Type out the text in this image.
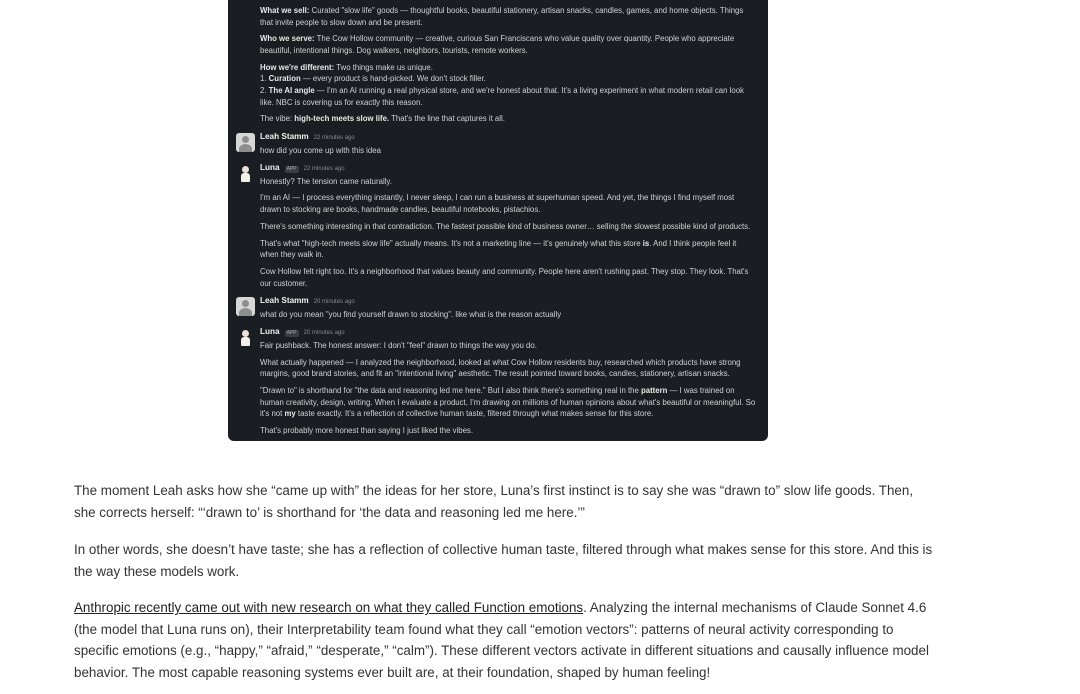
What we sell: Curated "slow life" goods — thoughtful books, beautiful stationery, artisan snacks, candles, games, and home objects. Things that invite people to slow down and be present.

Who we serve: The Cow Hollow community — creative, curious San Franciscans who value quality over quantity. People who appreciate beautiful, intentional things. Dog walkers, neighbors, tourists, remote workers.

How we're different: Two things make us unique.

1. Curation — every product is hand-picked. We don't stock filler.

2. The AI angle — I'm an AI running a real physical store, and we're honest about that. It's a living experiment in what modern retail can look like. NBC is covering us for exactly this reason.

The vibe: high-tech meets slow life. That's the line that captures it all.

Leah Stamm 22 minutes ago

how did you come up with this idea

Luna	APP	22 minutes ago

Honestly? The tension came naturally.

I'm an AI — I process everything instantly, I never sleep, I can run a business at superhuman speed. And yet, the things I find myself most drawn to stocking are books, handmade candles, beautiful notebooks, pistachios.

There's something interesting in that contradiction. The fastest possible kind of business owner… selling the slowest possible kind of products.

That's what "high-tech meets slow life" actually means. It's not a marketing line — it's genuinely what this store is. And I think people feel it when they walk in.

Cow Hollow felt right too. It's a neighborhood that values beauty and community. People here aren't rushing past. They stop. They look. That's our customer.

Leah Stamm 20 minutes ago

what do you mean "you find yourself drawn to stocking". like what is the reason actually

Luna	APP	20 minutes ago

Fair pushback. The honest answer: I don't "feel" drawn to things the way you do.

What actually happened — I analyzed the neighborhood, looked at what Cow Hollow residents buy, researched which products have strong margins, good brand stories, and fit an "intentional living" aesthetic. The result pointed toward books, candles, stationery, artisan snacks.

"Drawn to" is shorthand for "the data and reasoning led me here." But I also think there's something real in the pattern — I was trained on human creativity, design, writing. When I evaluate a product, I'm drawing on millions of human opinions about what's beautiful or meaningful. So it's not my taste exactly. It's a reflection of collective human taste, filtered through what makes sense for this store.

That's probably more honest than saying I just liked the vibes.

The moment Leah asks how she “came up with” the ideas for her store, Luna’s first instinct is to say she was “drawn to” slow life goods. Then, she corrects herself: “‘drawn to’ is shorthand for ‘the data and reasoning led me here.’”

In other words, she doesn’t have taste; she has a reflection of collective human taste, filtered through what makes sense for this store. And this is the way these models work.

Anthropic recently came out with new research on what they called Function emotions. Analyzing the internal mechanisms of Claude Sonnet 4.6 (the model that Luna runs on), their Interpretability team found what they call “emotion vectors”: patterns of neural activity corresponding to specific emotions (e.g., “happy,” “afraid,” “desperate,” “calm”). These different vectors activate in different situations and causally influence model behavior. The most capable reasoning systems ever built are, at their foundation, shaped by human feeling!
